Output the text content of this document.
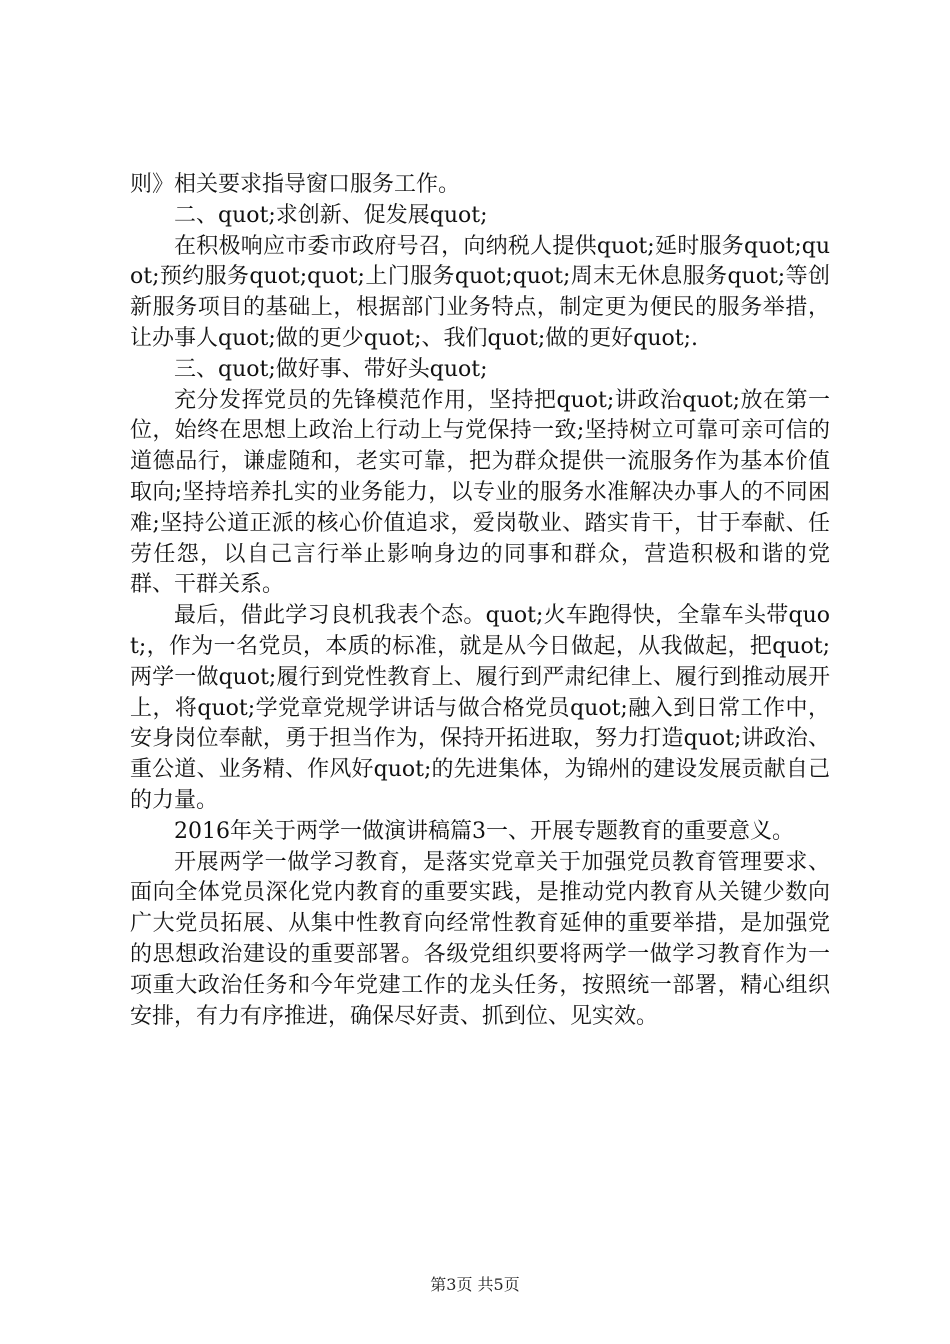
则》相关要求指导窗口服务工作。

二、quot;求创新、促发展quot;

在积极响应市委市政府号召，向纳税人提供quot;延时服务quot;quot;预约服务quot;quot;上门服务quot;quot;周末无休息服务quot;等创新服务项目的基础上，根据部门业务特点，制定更为便民的服务举措，让办事人quot;做的更少quot;、我们quot;做的更好quot;.

三、quot;做好事、带好头quot;

充分发挥党员的先锋模范作用，坚持把quot;讲政治quot;放在第一位，始终在思想上政治上行动上与党保持一致;坚持树立可靠可亲可信的道德品行，谦虚随和，老实可靠，把为群众提供一流服务作为基本价值取向;坚持培养扎实的业务能力，以专业的服务水准解决办事人的不同困难;坚持公道正派的核心价值追求，爱岗敬业、踏实肯干，甘于奉献、任劳任怨，以自己言行举止影响身边的同事和群众，营造积极和谐的党群、干群关系。

最后，借此学习良机我表个态。quot;火车跑得快，全靠车头带quot;，作为一名党员，本质的标准，就是从今日做起，从我做起，把quot;两学一做quot;履行到党性教育上、履行到严肃纪律上、履行到推动展开上，将quot;学党章党规学讲话与做合格党员quot;融入到日常工作中，安身岗位奉献，勇于担当作为，保持开拓进取，努力打造quot;讲政治、重公道、业务精、作风好quot;的先进集体，为锦州的建设发展贡献自己的力量。

2016年关于两学一做演讲稿篇3一、开展专题教育的重要意义。

开展两学一做学习教育，是落实党章关于加强党员教育管理要求、面向全体党员深化党内教育的重要实践，是推动党内教育从关键少数向广大党员拓展、从集中性教育向经常性教育延伸的重要举措，是加强党的思想政治建设的重要部署。各级党组织要将两学一做学习教育作为一项重大政治任务和今年党建工作的龙头任务，按照统一部署，精心组织安排，有力有序推进，确保尽好责、抓到位、见实效。

第3页 共5页
